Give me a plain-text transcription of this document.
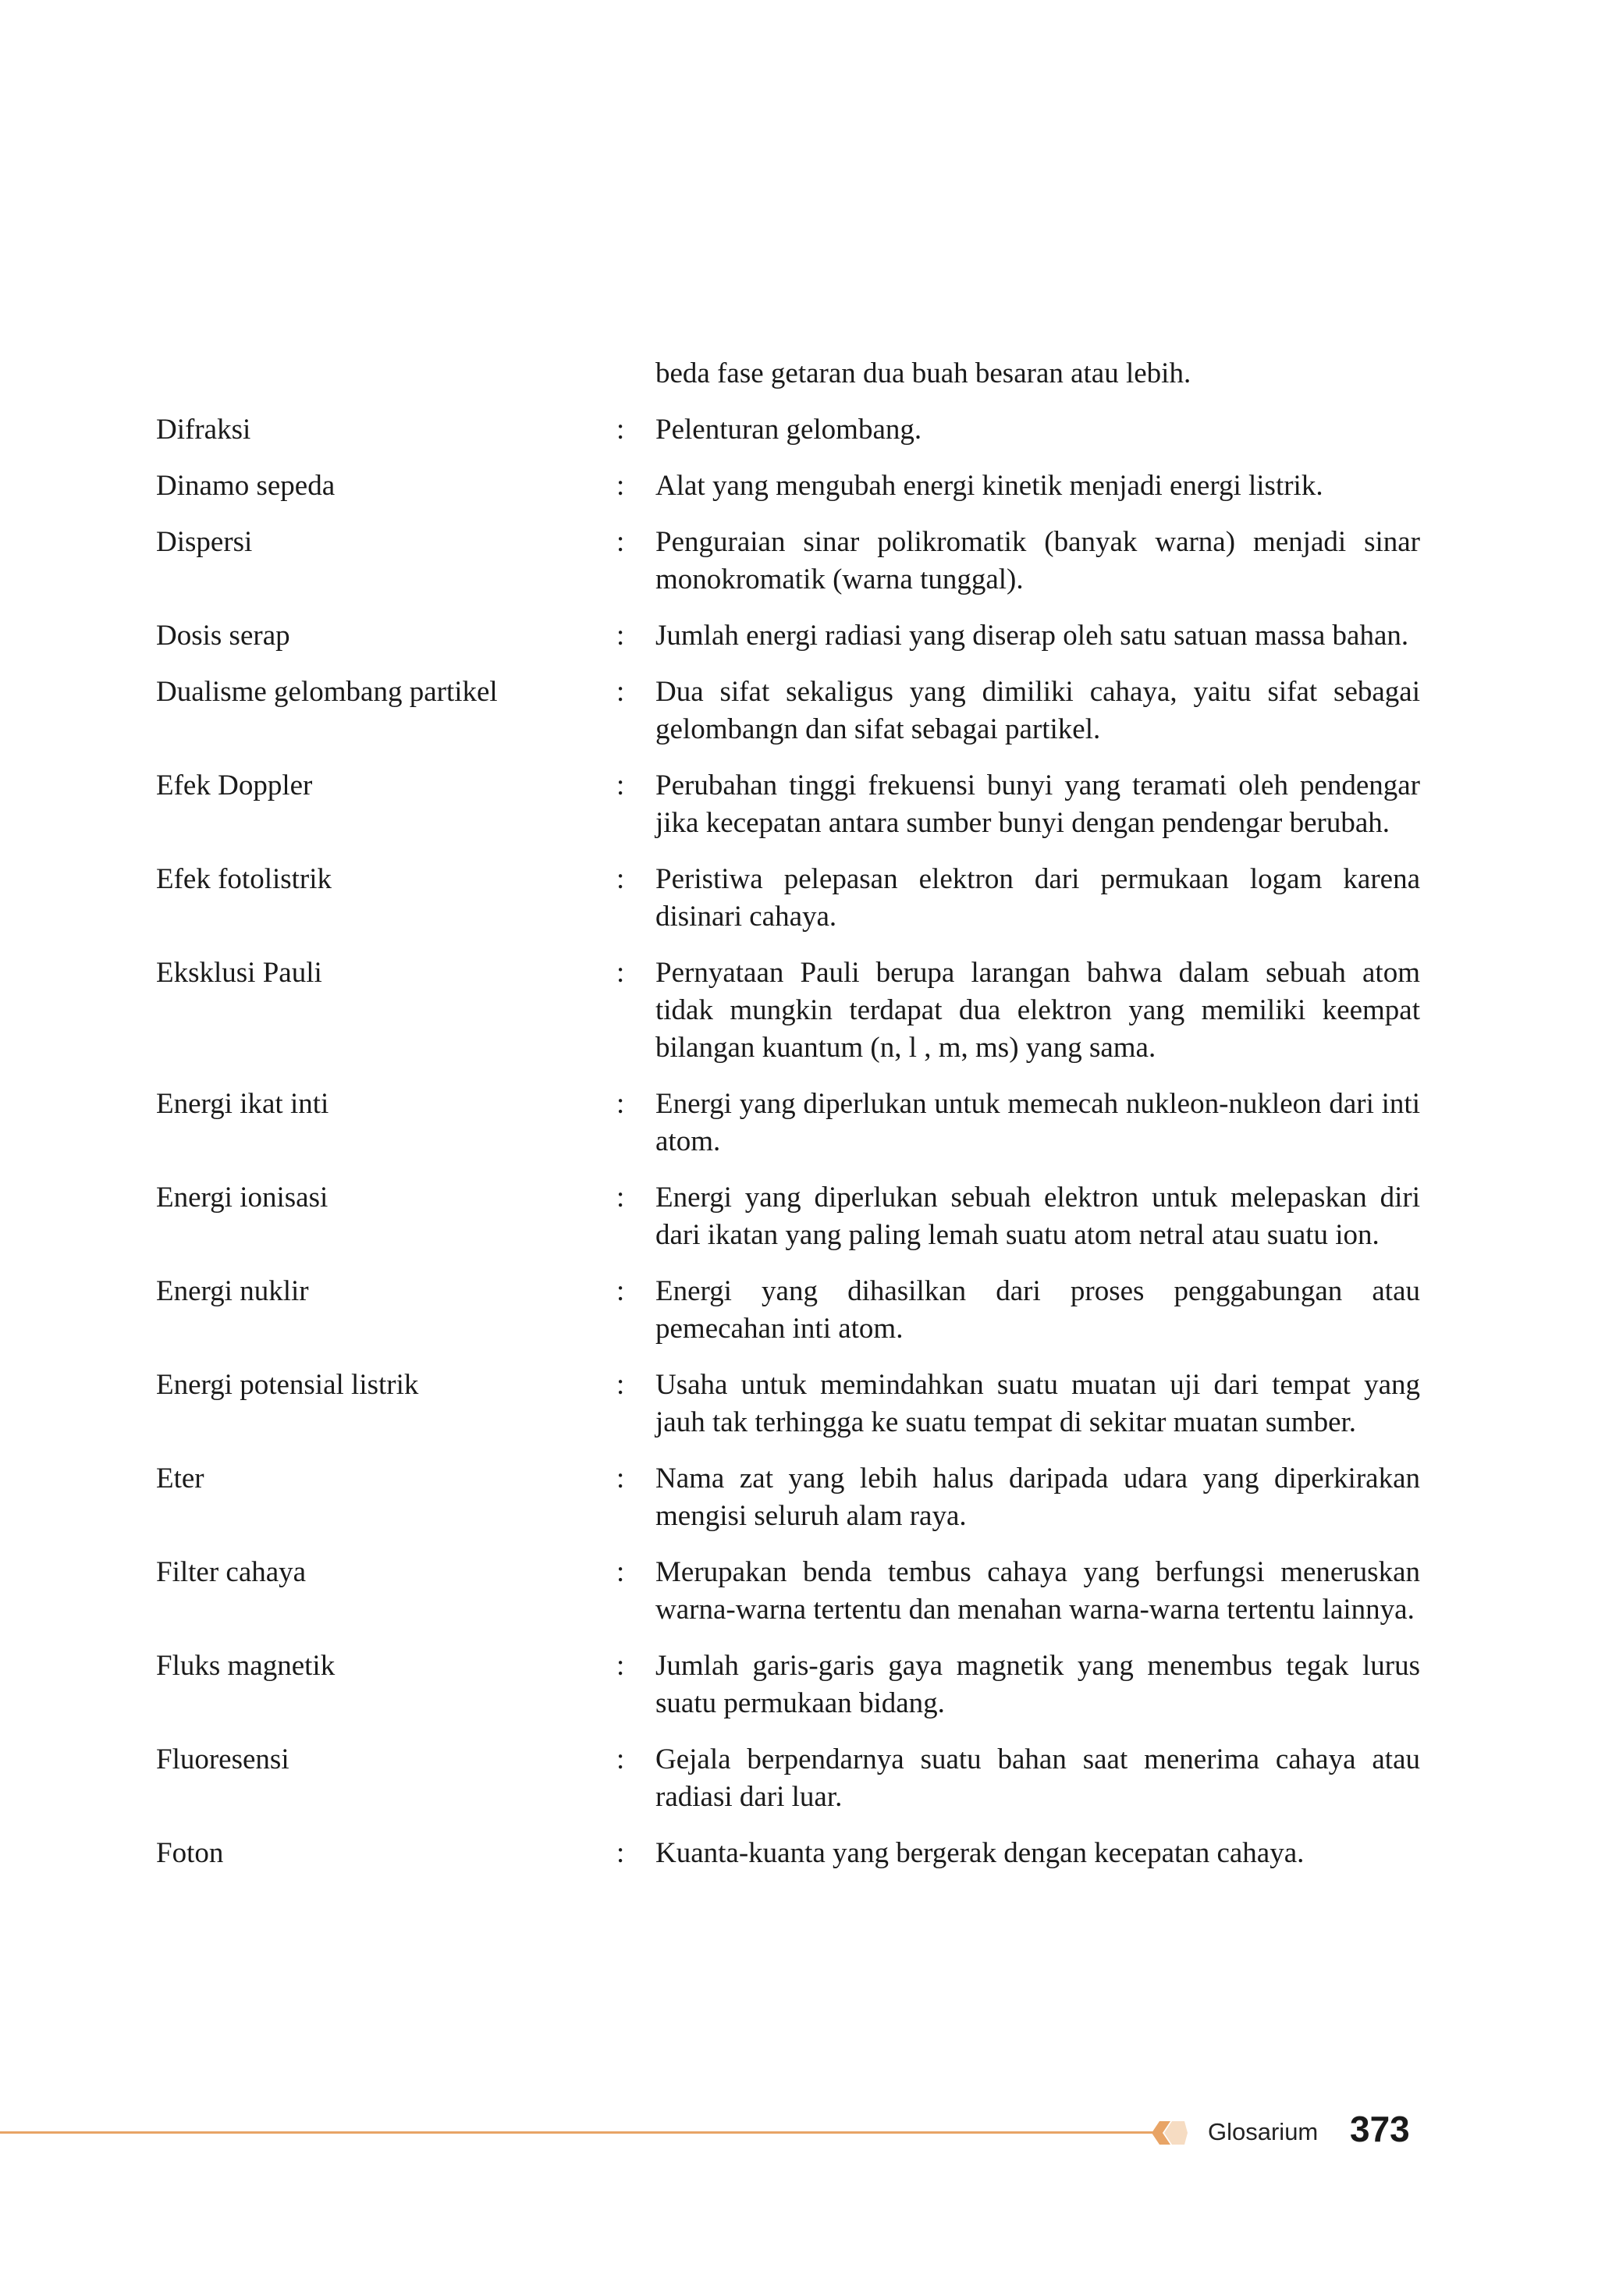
beda fase getaran dua buah besaran atau lebih.
Difraksi	:	Pelenturan gelombang.
Dinamo sepeda	:	Alat yang mengubah energi kinetik menjadi energi listrik.
Dispersi	:	Penguraian sinar polikromatik (banyak warna) menjadi sinar monokromatik (warna tunggal).
Dosis serap	:	Jumlah energi radiasi yang diserap oleh satu satuan massa bahan.
Dualisme gelombang partikel	:	Dua sifat sekaligus yang dimiliki cahaya, yaitu sifat sebagai gelombangn dan sifat sebagai partikel.
Efek Doppler	:	Perubahan tinggi frekuensi bunyi yang teramati oleh pendengar jika kecepatan antara sumber bunyi dengan pendengar berubah.
Efek fotolistrik	:	Peristiwa pelepasan elektron dari permukaan logam karena disinari cahaya.
Eksklusi Pauli	:	Pernyataan Pauli berupa larangan bahwa dalam sebuah atom tidak mungkin terdapat dua elektron yang memiliki keempat bilangan kuantum (n, l , m, ms) yang sama.
Energi ikat inti	:	Energi yang diperlukan untuk memecah nukleon-nukleon dari inti atom.
Energi ionisasi	:	Energi yang diperlukan sebuah elektron untuk melepaskan diri dari ikatan yang paling lemah suatu atom netral atau suatu ion.
Energi nuklir	:	Energi yang dihasilkan dari proses penggabungan atau pemecahan inti atom.
Energi potensial listrik	:	Usaha untuk memindahkan suatu muatan uji dari tempat yang jauh tak terhingga ke suatu tempat di sekitar muatan sumber.
Eter	:	Nama zat yang lebih halus daripada udara yang diperkirakan mengisi seluruh alam raya.
Filter cahaya	:	Merupakan benda tembus cahaya yang berfungsi meneruskan warna-warna tertentu dan menahan warna-warna tertentu lainnya.
Fluks magnetik	:	Jumlah garis-garis gaya magnetik yang menembus tegak lurus suatu permukaan bidang.
Fluoresensi	:	Gejala berpendarnya suatu bahan saat menerima cahaya atau radiasi dari luar.
Foton	:	Kuanta-kuanta yang bergerak dengan kecepatan cahaya.
Glosarium 373
